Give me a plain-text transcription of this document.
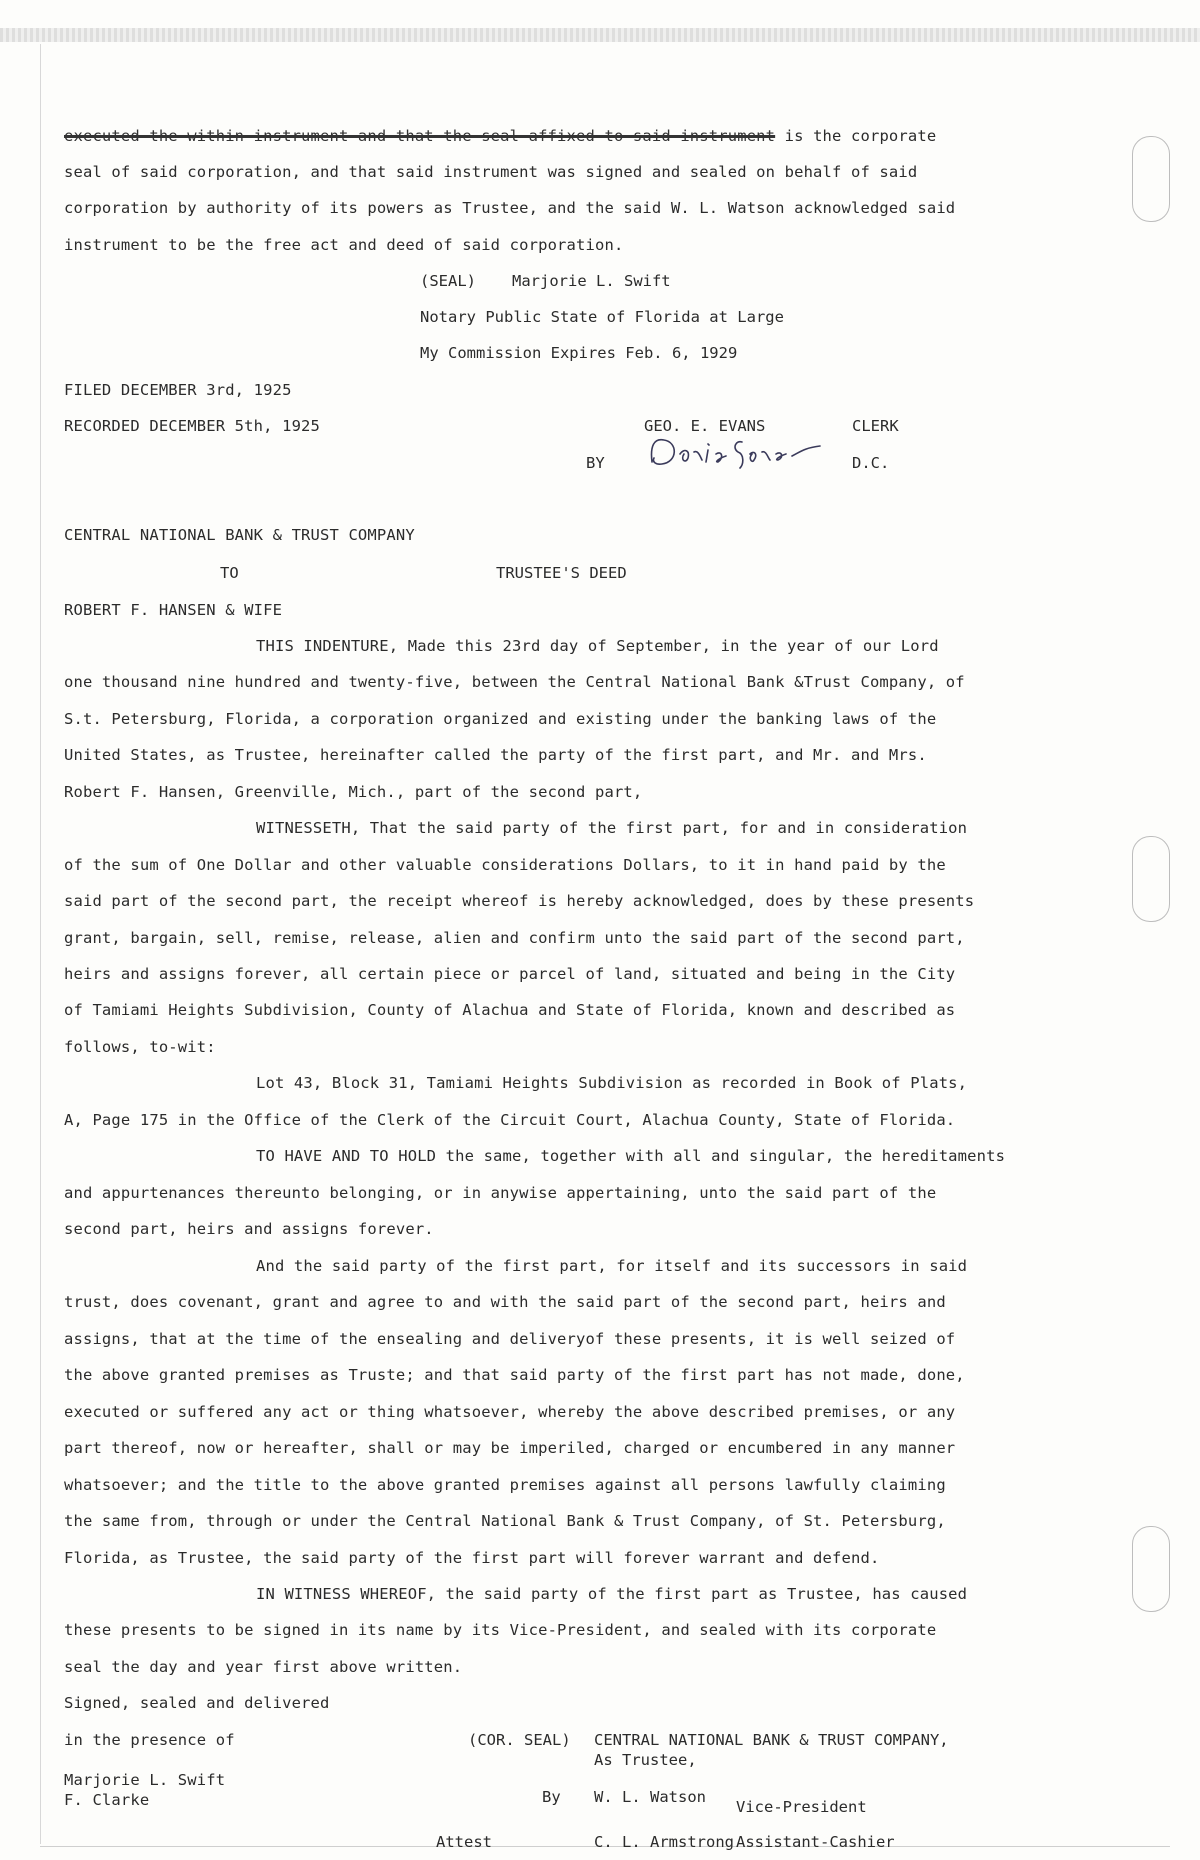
executed the within instrument and that the seal affixed to said instrument is the corporate
seal of said corporation, and that said instrument was signed and sealed on behalf of said
corporation by authority of its powers as Trustee, and the said W. L. Watson acknowledged said
instrument to be the free act and deed of said corporation.
(SEAL) Marjorie L. Swift
Notary Public State of Florida at Large
My Commission Expires Feb. 6, 1929
FILED DECEMBER 3rd, 1925
RECORDED DECEMBER 5th, 1925	GEO. E. EVANS	CLERK
BY	D.C.
CENTRAL NATIONAL BANK & TRUST COMPANY
TO	TRUSTEE'S DEED
ROBERT F. HANSEN & WIFE
THIS INDENTURE, Made this 23rd day of September, in the year of our Lord
one thousand nine hundred and twenty-five, between the Central National Bank &Trust Company, of
S.t. Petersburg, Florida, a corporation organized and existing under the banking laws of the
United States, as Trustee, hereinafter called the party of the first part, and Mr. and Mrs.
Robert F. Hansen, Greenville, Mich., part of the second part,
WITNESSETH, That the said party of the first part, for and in consideration
of the sum of One Dollar and other valuable considerations Dollars, to it in hand paid by the
said part of the second part, the receipt whereof is hereby acknowledged, does by these presents
grant, bargain, sell, remise, release, alien and confirm unto the said part of the second part,
heirs and assigns forever, all certain piece or parcel of land, situated and being in the City
of Tamiami Heights Subdivision, County of Alachua and State of Florida, known and described as
follows, to-wit:
Lot 43, Block 31, Tamiami Heights Subdivision as recorded in Book of Plats,
A, Page 175 in the Office of the Clerk of the Circuit Court, Alachua County, State of Florida.
TO HAVE AND TO HOLD the same, together with all and singular, the hereditaments
and appurtenances thereunto belonging, or in anywise appertaining, unto the said part of the
second part, heirs and assigns forever.
And the said party of the first part, for itself and its successors in said
trust, does covenant, grant and agree to and with the said part of the second part, heirs and
assigns, that at the time of the ensealing and deliveryof these presents, it is well seized of
the above granted premises as Truste; and that said party of the first part has not made, done,
executed or suffered any act or thing whatsoever, whereby the above described premises, or any
part thereof, now or hereafter, shall or may be imperiled, charged or encumbered in any manner
whatsoever; and the title to the above granted premises against all persons lawfully claiming
the same from, through or under the Central National Bank & Trust Company, of St. Petersburg,
Florida, as Trustee, the said party of the first part will forever warrant and defend.
IN WITNESS WHEREOF, the said party of the first part as Trustee, has caused
these presents to be signed in its name by its Vice-President, and sealed with its corporate
seal the day and year first above written.
Signed, sealed and delivered
in the presence of	(COR. SEAL) CENTRAL NATIONAL BANK & TRUST COMPANY,
As Trustee,
Marjorie L. Swift
F. Clarke	By W. L. Watson
Vice-President
Attest	C. L. Armstrong Assistant-Cashier
